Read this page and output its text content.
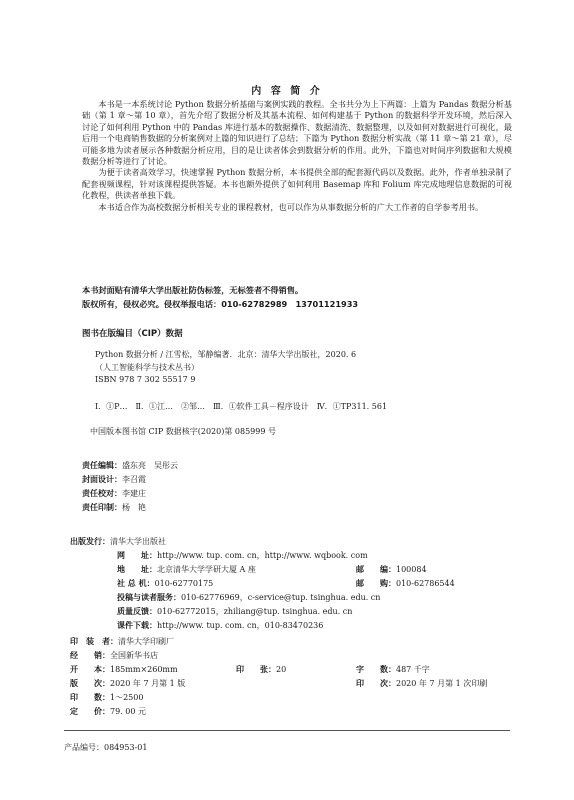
内 容 简 介

本书是一本系统讨论 Python 数据分析基础与案例实践的教程。全书共分为上下两篇：上篇为 Pandas 数据分析基础（第 1 章～第 10 章），首先介绍了数据分析及其基本流程、如何构建基于 Python 的数据科学开发环境，然后深入讨论了如何利用 Python 中的 Pandas 库进行基本的数据操作、数据清洗、数据整理，以及如何对数据进行可视化，最后用一个电商销售数据的分析案例对上篇的知识进行了总结；下篇为 Python 数据分析实战（第 11 章～第 21 章），尽可能多地为读者展示各种数据分析应用，目的是让读者体会到数据分析的作用。此外，下篇也对时间序列数据和大规模数据分析等进行了讨论。

为便于读者高效学习，快速掌握 Python 数据分析，本书提供全部的配套源代码以及数据。此外，作者单独录制了配套视频课程，针对该课程提供答疑。本书也额外提供了如何利用 Basemap 库和 Folium 库完成地理信息数据的可视化教程，供读者单独下载。

本书适合作为高校数据分析相关专业的课程教材，也可以作为从事数据分析的广大工作者的自学参考用书。

本书封面贴有清华大学出版社防伪标签，无标签者不得销售。
版权所有，侵权必究。侵权举报电话：010-62782989　13701121933
图书在版编目（CIP）数据
Python 数据分析 / 江雪松，邹静编著．北京：清华大学出版社，2020. 6
（人工智能科学与技术丛书）
ISBN 978 7 302 55517 9
Ⅰ．①P…　Ⅱ．①江…　②邹…　Ⅲ．①软件工具－程序设计　Ⅳ．①TP311. 561
中国版本图书馆 CIP 数据核字(2020)第 085999 号
责任编辑：盛东亮　吴彤云
封面设计：李召霞
责任校对：李建庄
责任印制：杨　艳
出版发行：清华大学出版社
网　　址：http://www. tup. com. cn，http://www. wqbook. com
地　　址：北京清华大学学研大厦 A 座	邮　　编：100084
社 总 机：010-62770175	邮　　购：010-62786544
投稿与读者服务：010-62776969，c-service@tup. tsinghua. edu. cn
质量反馈：010-62772015，zhiliang@tup. tsinghua. edu. cn
课件下载：http://www. tup. com. cn，010-83470236
印　装　者：清华大学印刷厂
经　　销：全国新华书店
开　　本：185mm×260mm	印　　张：20	字　　数：487 千字
版　　次：2020 年 7 月第 1 版	印　　次：2020 年 7 月第 1 次印刷
印　　数：1～2500
定　　价：79. 00 元
产品编号：084953-01
